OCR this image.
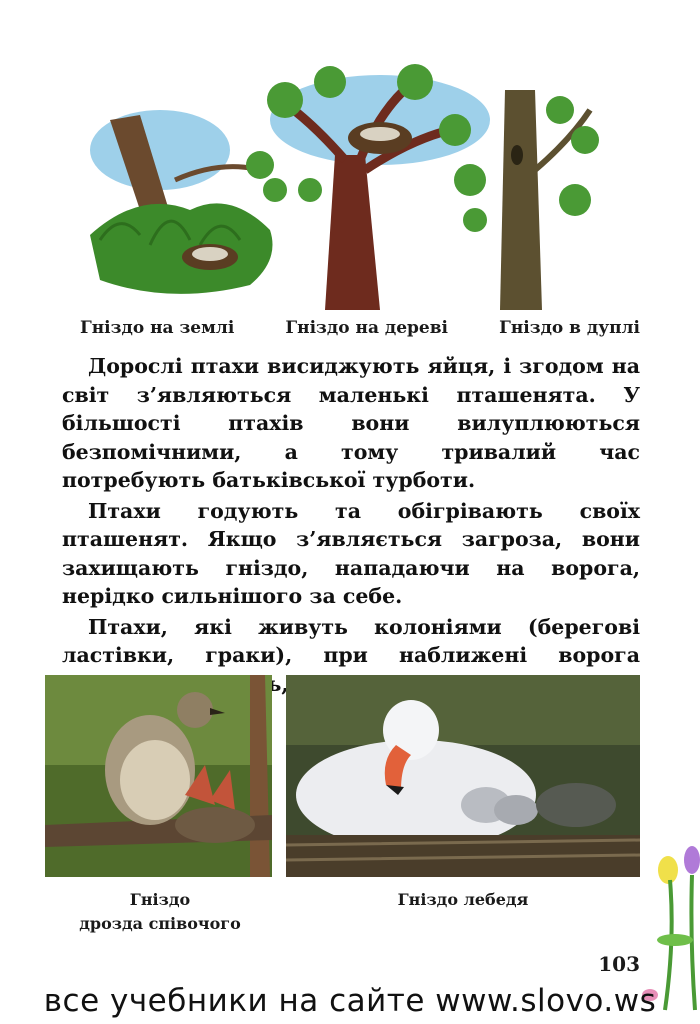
Гніздо на землі	Гніздо на дереві	Гніздо в дуплі

Дорослі птахи висиджують яйця, і згодом на світ з’являються маленькі пташенята. У більшості птахів вони вилуплюються безпомічними, а тому тривалий час потребують батьківської турботи.

Птахи годують та обігрівають своїх пташенят. Якщо з’являється загроза, вони захищають гніздо, нападаючи на ворога, нерідко сильнішого за себе.

Птахи, які живуть колоніями (берегові ластівки, граки), при наближені ворога

Гніздо
дрозда співочого
Гніздо лебедя
103
все учебники на сайте www.slovo.ws
